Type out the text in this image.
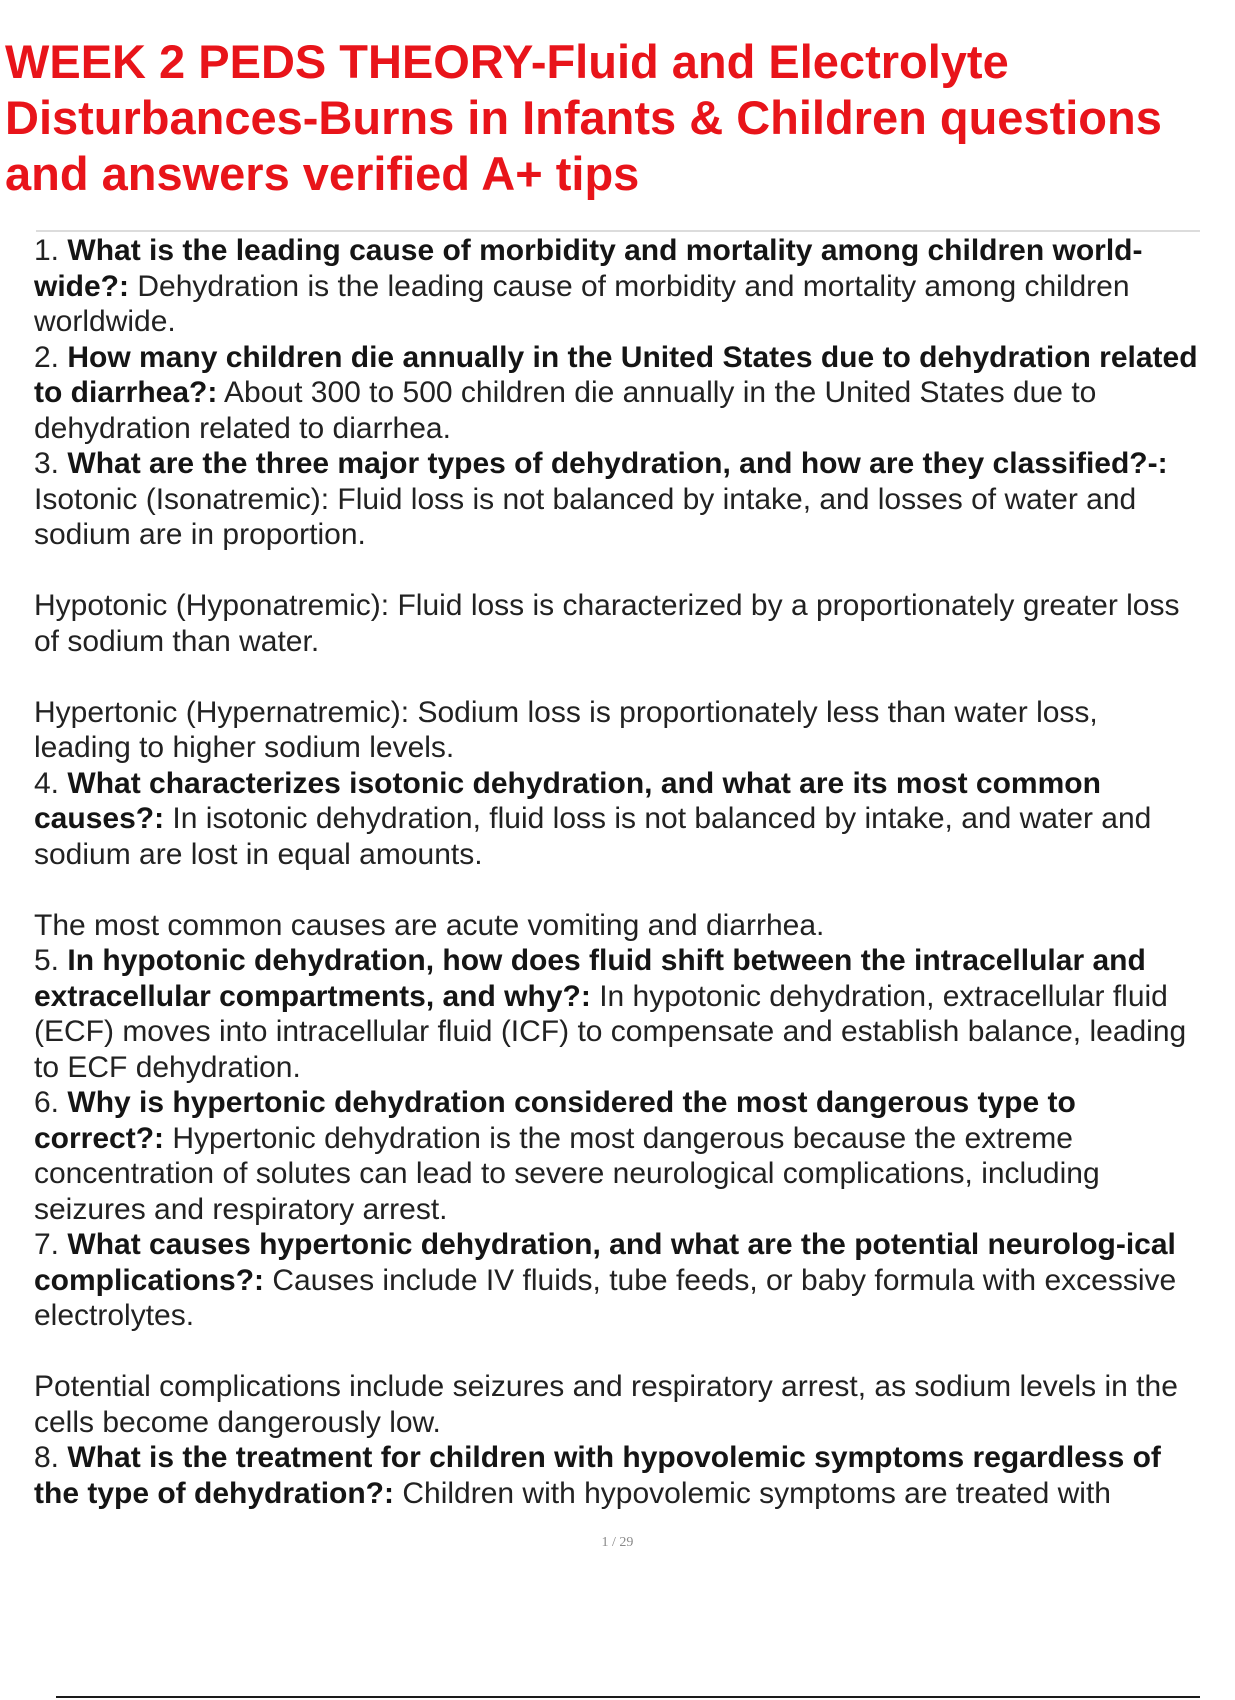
WEEK 2 PEDS THEORY-Fluid and Electrolyte Disturbances-Burns in Infants & Children questions and answers verified A+ tips

1. What is the leading cause of morbidity and mortality among children world-wide?: Dehydration is the leading cause of morbidity and mortality among children worldwide.

2. How many children die annually in the United States due to dehydration related to diarrhea?: About 300 to 500 children die annually in the United States due to dehydration related to diarrhea.

3. What are the three major types of dehydration, and how are they classified?-: Isotonic (Isonatremic): Fluid loss is not balanced by intake, and losses of water and sodium are in proportion.

Hypotonic (Hyponatremic): Fluid loss is characterized by a proportionately greater loss of sodium than water.

Hypertonic (Hypernatremic): Sodium loss is proportionately less than water loss, leading to higher sodium levels.

4. What characterizes isotonic dehydration, and what are its most common causes?: In isotonic dehydration, fluid loss is not balanced by intake, and water and sodium are lost in equal amounts.

The most common causes are acute vomiting and diarrhea.

5. In hypotonic dehydration, how does fluid shift between the intracellular and extracellular compartments, and why?: In hypotonic dehydration, extracellular fluid (ECF) moves into intracellular fluid (ICF) to compensate and establish balance, leading to ECF dehydration.

6. Why is hypertonic dehydration considered the most dangerous type to correct?: Hypertonic dehydration is the most dangerous because the extreme concentration of solutes can lead to severe neurological complications, including seizures and respiratory arrest.

7. What causes hypertonic dehydration, and what are the potential neurolog-ical complications?: Causes include IV fluids, tube feeds, or baby formula with excessive electrolytes.

Potential complications include seizures and respiratory arrest, as sodium levels in the cells become dangerously low.

8. What is the treatment for children with hypovolemic symptoms regardless of the type of dehydration?: Children with hypovolemic symptoms are treated with

1 / 29
